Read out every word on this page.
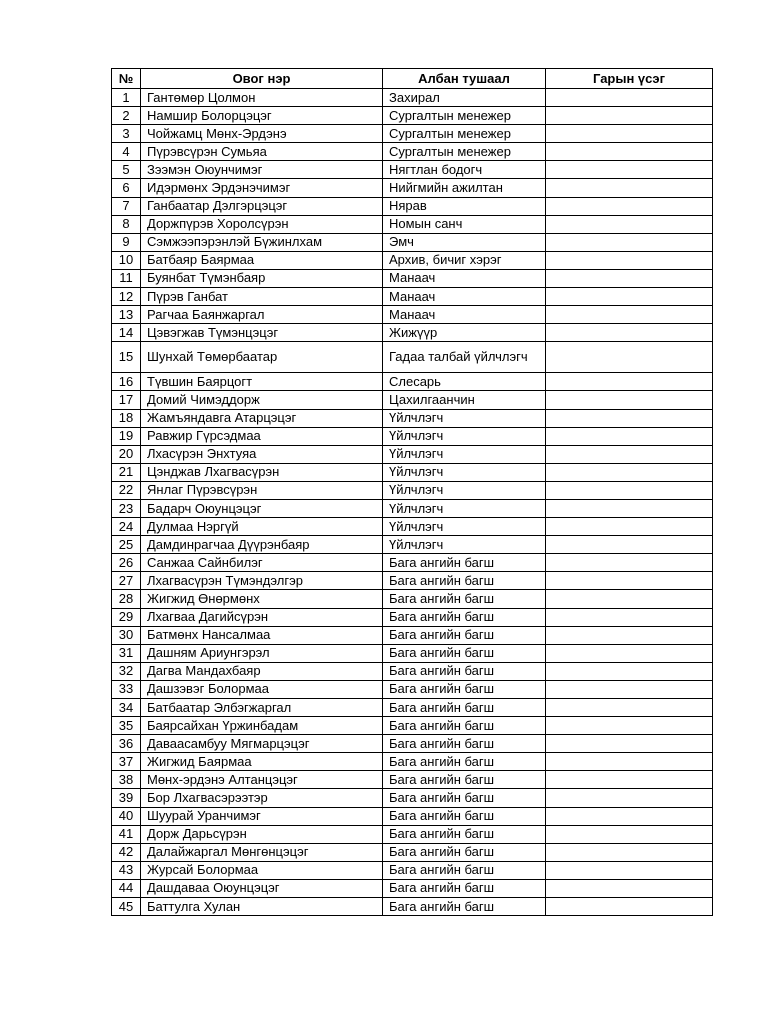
№	Овог нэр	Албан тушаал	Гарын үсэг
1	Гантөмөр Цолмон	Захирал	
2	Намшир Болорцэцэг	Сургалтын менежер	
3	Чойжамц Мөнх-Эрдэнэ	Сургалтын менежер	
4	Пүрэвсүрэн Сумьяа	Сургалтын менежер	
5	Зээмэн Оюунчимэг	Нягтлан бодогч	
6	Идэрмөнх Эрдэнэчимэг	Нийгмийн ажилтан	
7	Ганбаатар Дэлгэрцэцэг	Нярав	
8	Доржпүрэв Хоролсүрэн	Номын санч	
9	Сэмжээпэрэнлэй Бүжинлхам	Эмч	
10	Батбаяр Баярмаа	Архив, бичиг хэрэг	
11	Буянбат Түмэнбаяр	Манаач	
12	Пүрэв Ганбат	Манаач	
13	Рагчаа Баянжаргал	Манаач	
14	Цэвэгжав Түмэнцэцэг	Жижүүр	
15	Шунхай Төмөрбаатар	Гадаа талбай үйлчлэгч	
16	Түвшин Баярцогт	Слесарь	
17	Домий Чимэддорж	Цахилгаанчин	
18	Жамъяндавга Атарцэцэг	Үйлчлэгч	
19	Равжир Гүрсэдмаа	Үйлчлэгч	
20	Лхасүрэн Энхтуяа	Үйлчлэгч	
21	Цэнджав Лхагвасүрэн	Үйлчлэгч	
22	Янлаг Пүрэвсүрэн	Үйлчлэгч	
23	Бадарч Оюунцэцэг	Үйлчлэгч	
24	Дулмаа Нэргүй	Үйлчлэгч	
25	Дамдинрагчаа Дүүрэнбаяр	Үйлчлэгч	
26	Санжаа Сайнбилэг	Бага ангийн багш	
27	Лхагвасүрэн Түмэндэлгэр	Бага ангийн багш	
28	Жигжид Өнөрмөнх	Бага ангийн багш	
29	Лхагваа Дагийсүрэн	Бага ангийн багш	
30	Батмөнх Нансалмаа	Бага ангийн багш	
31	Дашням Ариунгэрэл	Бага ангийн багш	
32	Дагва Мандахбаяр	Бага ангийн багш	
33	Дашзэвэг Болормаа	Бага ангийн багш	
34	Батбаатар Элбэгжаргал	Бага ангийн багш	
35	Баярсайхан Үржинбадам	Бага ангийн багш	
36	Даваасамбуу Мягмарцэцэг	Бага ангийн багш	
37	Жигжид Баярмаа	Бага ангийн багш	
38	Мөнх-эрдэнэ Алтанцэцэг	Бага ангийн багш	
39	Бор Лхагвасэрээтэр	Бага ангийн багш	
40	Шуурай Уранчимэг	Бага ангийн багш	
41	Дорж Дарьсүрэн	Бага ангийн багш	
42	Далайжаргал Мөнгөнцэцэг	Бага ангийн багш	
43	Журсай Болормаа	Бага ангийн багш	
44	Дашдаваа Оюунцэцэг	Бага ангийн багш	
45	Баттулга Хулан	Бага ангийн багш	
